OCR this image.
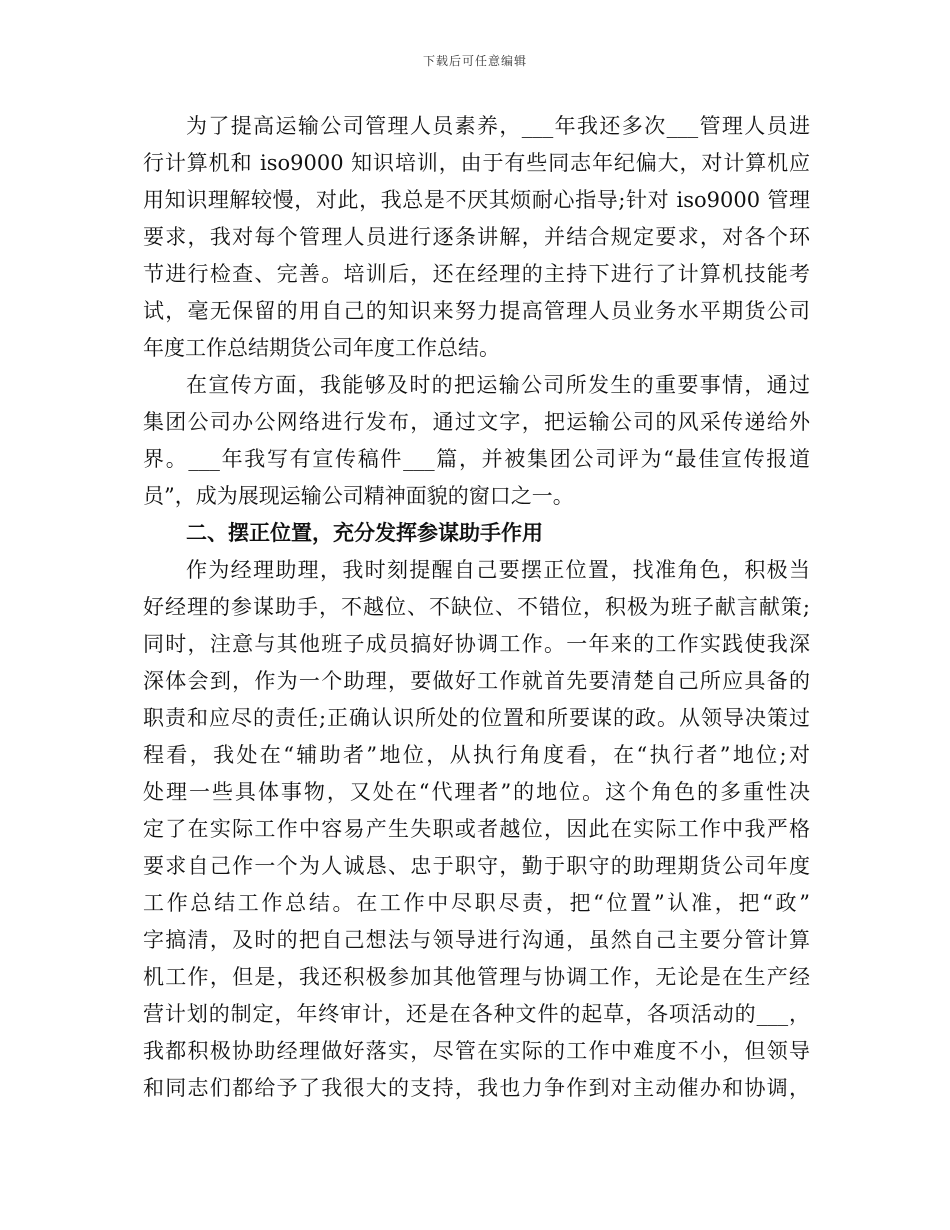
下载后可任意编辑
为了提高运输公司管理人员素养，___年我还多次___管理人员进
行计算机和 iso9000 知识培训，由于有些同志年纪偏大，对计算机应
用知识理解较慢，对此，我总是不厌其烦耐心指导;针对 iso9000 管理
要求，我对每个管理人员进行逐条讲解，并结合规定要求，对各个环
节进行检查、完善。培训后，还在经理的主持下进行了计算机技能考
试，毫无保留的用自己的知识来努力提高管理人员业务水平期货公司
年度工作总结期货公司年度工作总结。
在宣传方面，我能够及时的把运输公司所发生的重要事情，通过
集团公司办公网络进行发布，通过文字，把运输公司的风采传递给外
界。___年我写有宣传稿件___篇，并被集团公司评为“最佳宣传报道
员”，成为展现运输公司精神面貌的窗口之一。
二、摆正位置，充分发挥参谋助手作用
作为经理助理，我时刻提醒自己要摆正位置，找准角色，积极当
好经理的参谋助手，不越位、不缺位、不错位，积极为班子献言献策;
同时，注意与其他班子成员搞好协调工作。一年来的工作实践使我深
深体会到，作为一个助理，要做好工作就首先要清楚自己所应具备的
职责和应尽的责任;正确认识所处的位置和所要谋的政。从领导决策过
程看，我处在“辅助者”地位，从执行角度看，在“执行者”地位;对
处理一些具体事物，又处在“代理者”的地位。这个角色的多重性决
定了在实际工作中容易产生失职或者越位，因此在实际工作中我严格
要求自己作一个为人诚恳、忠于职守，勤于职守的助理期货公司年度
工作总结工作总结。在工作中尽职尽责，把“位置”认准，把“政”
字搞清，及时的把自己想法与领导进行沟通，虽然自己主要分管计算
机工作，但是，我还积极参加其他管理与协调工作，无论是在生产经
营计划的制定，年终审计，还是在各种文件的起草，各项活动的___，
我都积极协助经理做好落实，尽管在实际的工作中难度不小，但领导
和同志们都给予了我很大的支持，我也力争作到对主动催办和协调，
